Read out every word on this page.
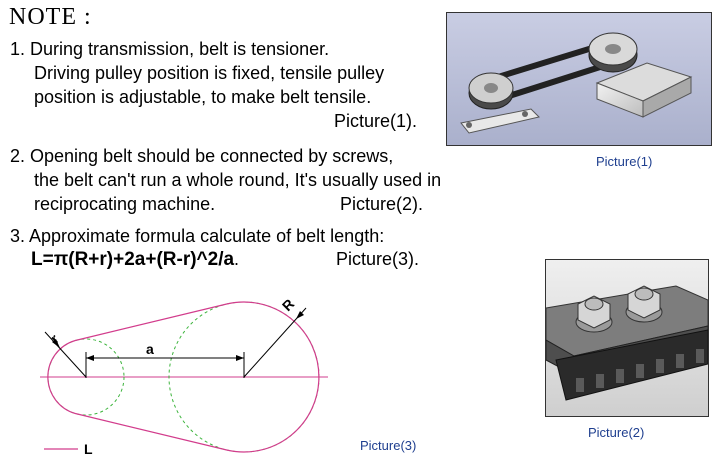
NOTE :
1. During transmission, belt is tensioner.
Driving pulley position is fixed, tensile pulley
position is adjustable, to make belt tensile.
Picture(1).
2. Opening belt should be connected by screws,
the belt can't run a whole round, It's usually used in
reciprocating machine.	Picture(2).
3. Approximate formula calculate of belt length:
L=π(R+r)+2a+(R-r)^2/a.	Picture(3).
Picture(1)
Picture(2)
a
r
R
L	Picture(3)
